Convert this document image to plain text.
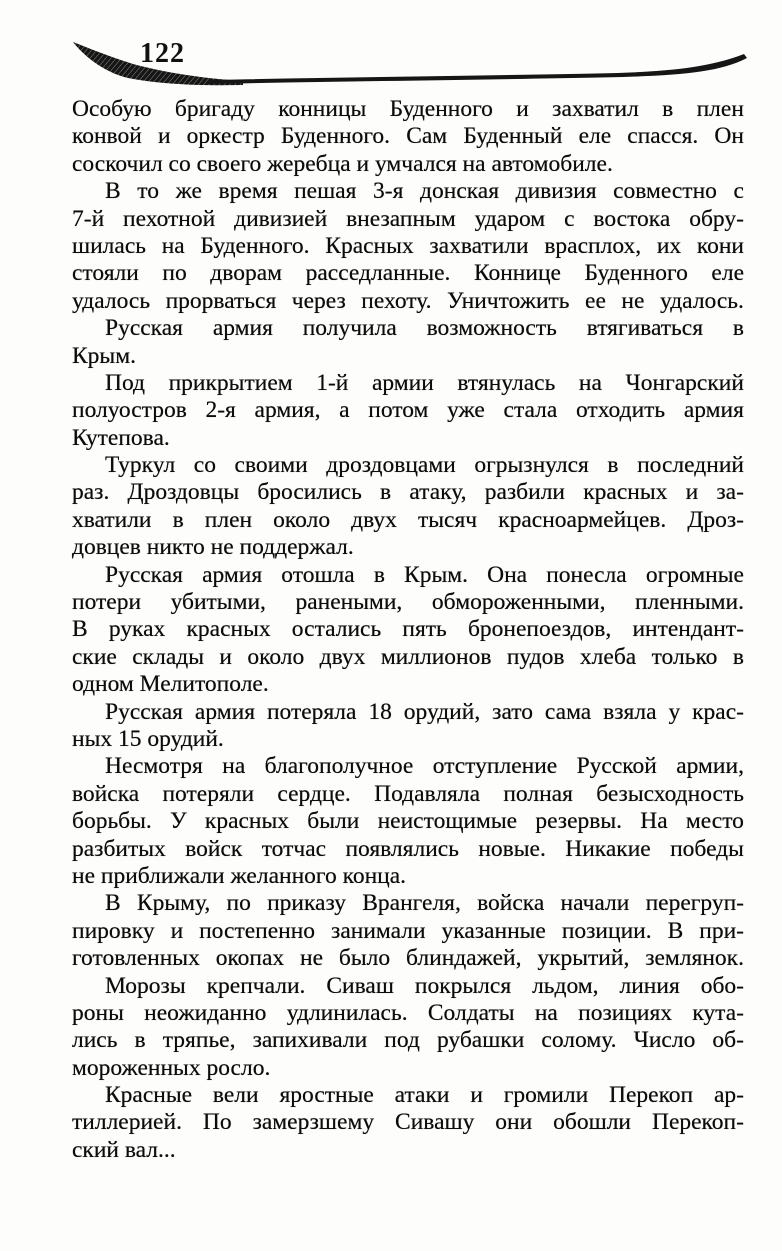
122
Особую бригаду конницы Буденного и захватил в плен
конвой и оркестр Буденного. Сам Буденный еле спасся. Он
соскочил со своего жеребца и умчался на автомобиле.
В то же время пешая 3-я донская дивизия совместно с
7-й пехотной дивизией внезапным ударом с востока обру-
шилась на Буденного. Красных захватили врасплох, их кони
стояли по дворам расседланные. Коннице Буденного еле
удалось прорваться через пехоту. Уничтожить ее не удалось.
Русская армия получила возможность втягиваться в
Крым.
Под прикрытием 1-й армии втянулась на Чонгарский
полуостров 2-я армия, а потом уже стала отходить армия
Кутепова.
Туркул со своими дроздовцами огрызнулся в последний
раз. Дроздовцы бросились в атаку, разбили красных и за-
хватили в плен около двух тысяч красноармейцев. Дроз-
довцев никто не поддержал.
Русская армия отошла в Крым. Она понесла огромные
потери убитыми, ранеными, обмороженными, пленными.
В руках красных остались пять бронепоездов, интендант-
ские склады и около двух миллионов пудов хлеба только в
одном Мелитополе.
Русская армия потеряла 18 орудий, зато сама взяла у крас-
ных 15 орудий.
Несмотря на благополучное отступление Русской армии,
войска потеряли сердце. Подавляла полная безысходность
борьбы. У красных были неистощимые резервы. На место
разбитых войск тотчас появлялись новые. Никакие победы
не приближали желанного конца.
В Крыму, по приказу Врангеля, войска начали перегруп-
пировку и постепенно занимали указанные позиции. В при-
готовленных окопах не было блиндажей, укрытий, землянок.
Морозы крепчали. Сиваш покрылся льдом, линия обо-
роны неожиданно удлинилась. Солдаты на позициях кута-
лись в тряпье, запихивали под рубашки солому. Число об-
мороженных росло.
Красные вели яростные атаки и громили Перекоп ар-
тиллерией. По замерзшему Сивашу они обошли Перекоп-
ский вал...
